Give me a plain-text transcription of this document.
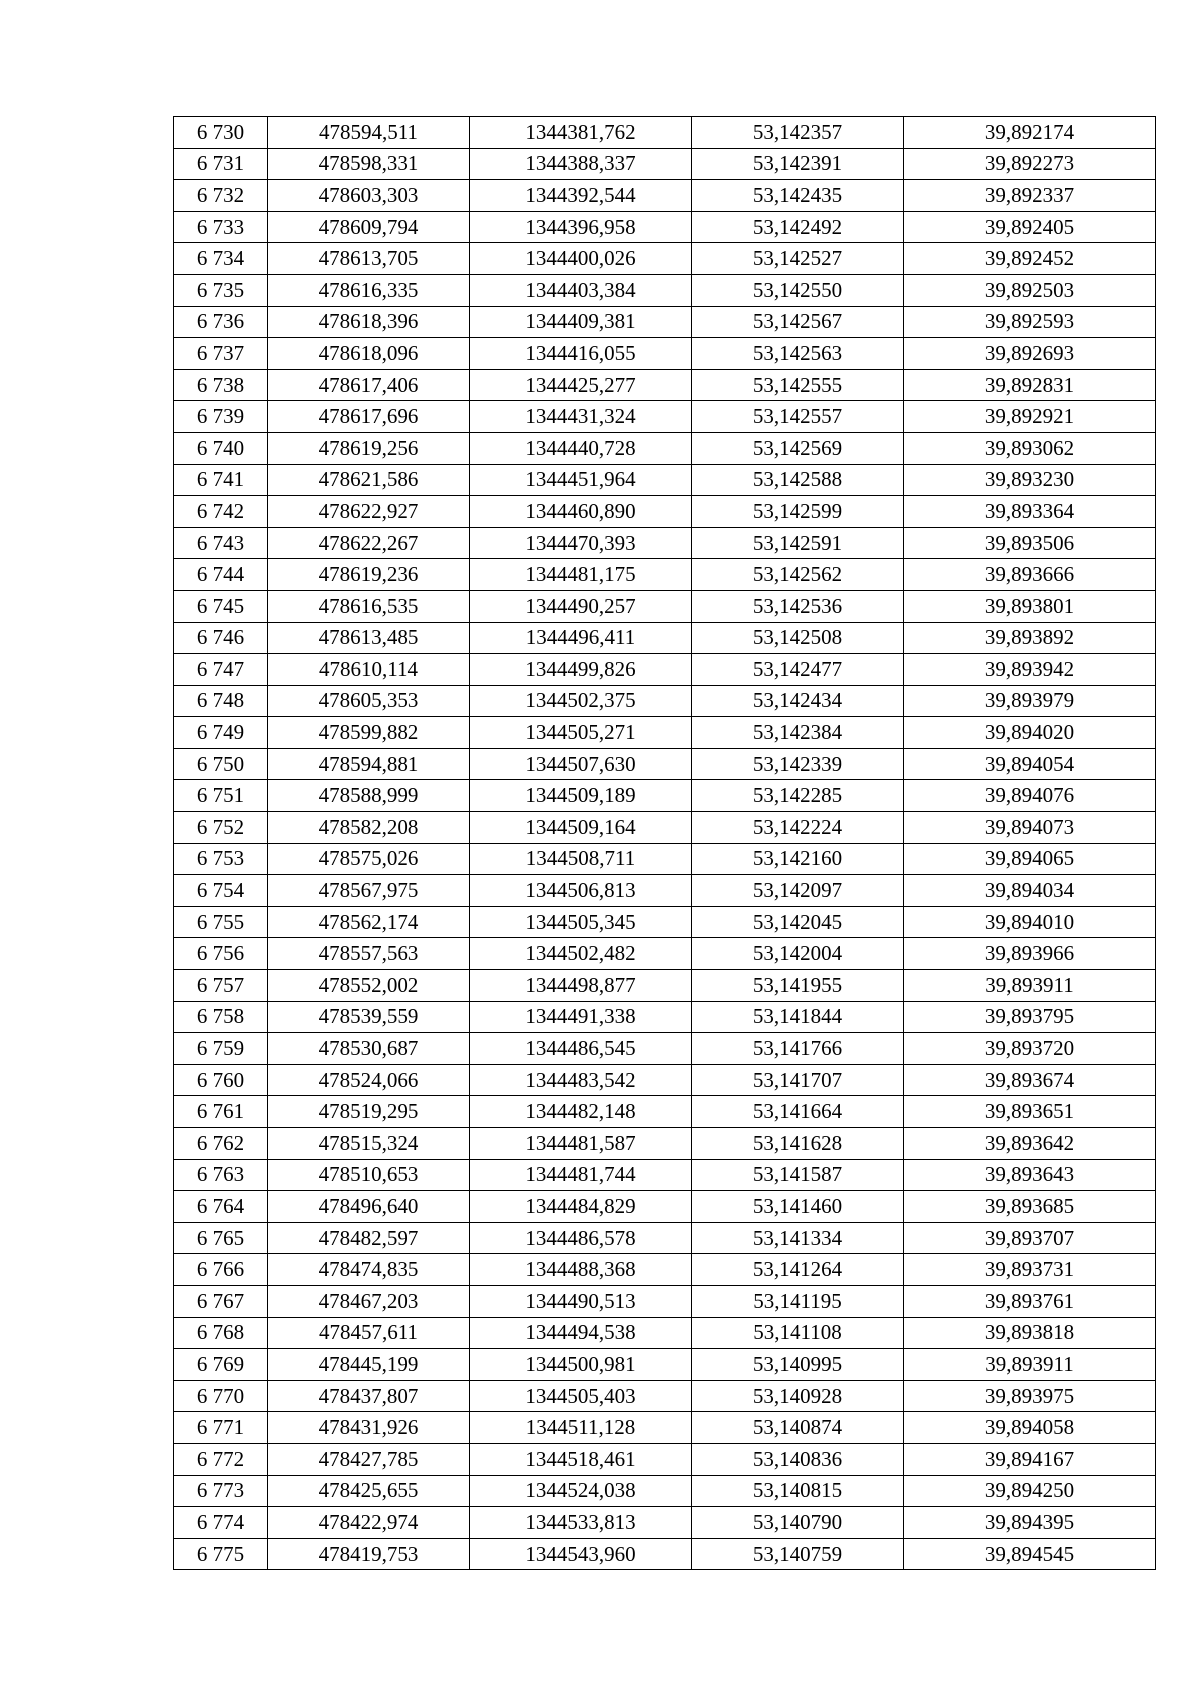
6 730	478594,511	1344381,762	53,142357	39,892174
6 731	478598,331	1344388,337	53,142391	39,892273
6 732	478603,303	1344392,544	53,142435	39,892337
6 733	478609,794	1344396,958	53,142492	39,892405
6 734	478613,705	1344400,026	53,142527	39,892452
6 735	478616,335	1344403,384	53,142550	39,892503
6 736	478618,396	1344409,381	53,142567	39,892593
6 737	478618,096	1344416,055	53,142563	39,892693
6 738	478617,406	1344425,277	53,142555	39,892831
6 739	478617,696	1344431,324	53,142557	39,892921
6 740	478619,256	1344440,728	53,142569	39,893062
6 741	478621,586	1344451,964	53,142588	39,893230
6 742	478622,927	1344460,890	53,142599	39,893364
6 743	478622,267	1344470,393	53,142591	39,893506
6 744	478619,236	1344481,175	53,142562	39,893666
6 745	478616,535	1344490,257	53,142536	39,893801
6 746	478613,485	1344496,411	53,142508	39,893892
6 747	478610,114	1344499,826	53,142477	39,893942
6 748	478605,353	1344502,375	53,142434	39,893979
6 749	478599,882	1344505,271	53,142384	39,894020
6 750	478594,881	1344507,630	53,142339	39,894054
6 751	478588,999	1344509,189	53,142285	39,894076
6 752	478582,208	1344509,164	53,142224	39,894073
6 753	478575,026	1344508,711	53,142160	39,894065
6 754	478567,975	1344506,813	53,142097	39,894034
6 755	478562,174	1344505,345	53,142045	39,894010
6 756	478557,563	1344502,482	53,142004	39,893966
6 757	478552,002	1344498,877	53,141955	39,893911
6 758	478539,559	1344491,338	53,141844	39,893795
6 759	478530,687	1344486,545	53,141766	39,893720
6 760	478524,066	1344483,542	53,141707	39,893674
6 761	478519,295	1344482,148	53,141664	39,893651
6 762	478515,324	1344481,587	53,141628	39,893642
6 763	478510,653	1344481,744	53,141587	39,893643
6 764	478496,640	1344484,829	53,141460	39,893685
6 765	478482,597	1344486,578	53,141334	39,893707
6 766	478474,835	1344488,368	53,141264	39,893731
6 767	478467,203	1344490,513	53,141195	39,893761
6 768	478457,611	1344494,538	53,141108	39,893818
6 769	478445,199	1344500,981	53,140995	39,893911
6 770	478437,807	1344505,403	53,140928	39,893975
6 771	478431,926	1344511,128	53,140874	39,894058
6 772	478427,785	1344518,461	53,140836	39,894167
6 773	478425,655	1344524,038	53,140815	39,894250
6 774	478422,974	1344533,813	53,140790	39,894395
6 775	478419,753	1344543,960	53,140759	39,894545
